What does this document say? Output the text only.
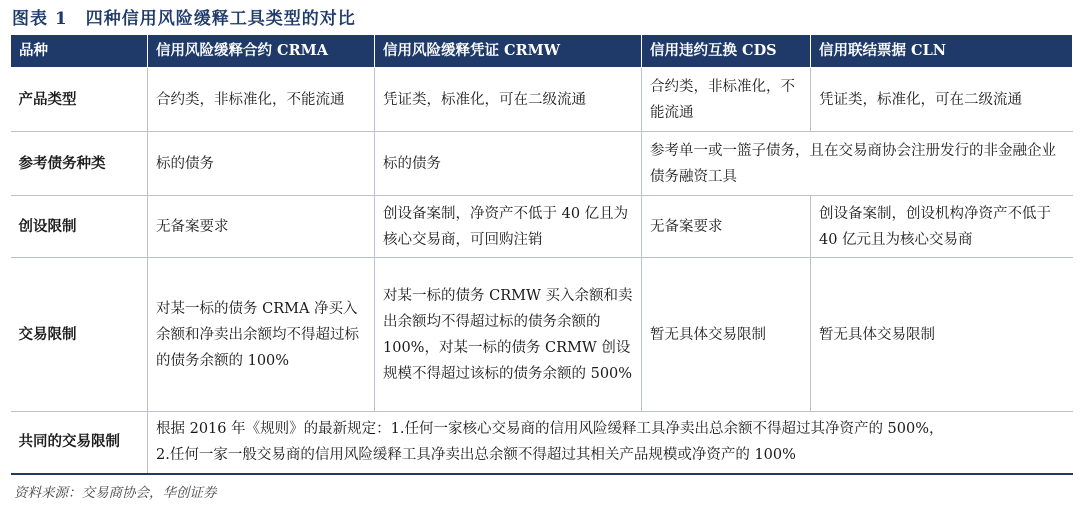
图表 1　四种信用风险缓释工具类型的对比
品种	信用风险缓释合约 CRMA	信用风险缓释凭证 CRMW	信用违约互换 CDS	信用联结票据 CLN
产品类型	合约类，非标准化，不能流通	凭证类，标准化，可在二级流通	合约类，非标准化，不能流通	凭证类，标准化，可在二级流通
参考债务种类	标的债务	标的债务	参考单一或一篮子债务，且在交易商协会注册发行的非金融企业债务融资工具	
创设限制	无备案要求	创设备案制，净资产不低于 40 亿且为核心交易商，可回购注销	无备案要求	创设备案制，创设机构净资产不低于 40 亿元且为核心交易商
交易限制	对某一标的债务 CRMA 净买入余额和净卖出余额均不得超过标的债务余额的 100%	对某一标的债务 CRMW 买入余额和卖出余额均不得超过标的债务余额的 100%，对某一标的债务 CRMW 创设规模不得超过该标的债务余额的 500%	暂无具体交易限制	暂无具体交易限制
共同的交易限制	根据 2016 年《规则》的最新规定：1.任何一家核心交易商的信用风险缓释工具净卖出总余额不得超过其净资产的 500%，
2.任何一家一般交易商的信用风险缓释工具净卖出总余额不得超过其相关产品规模或净资产的 100%			
资料来源：交易商协会，华创证券
